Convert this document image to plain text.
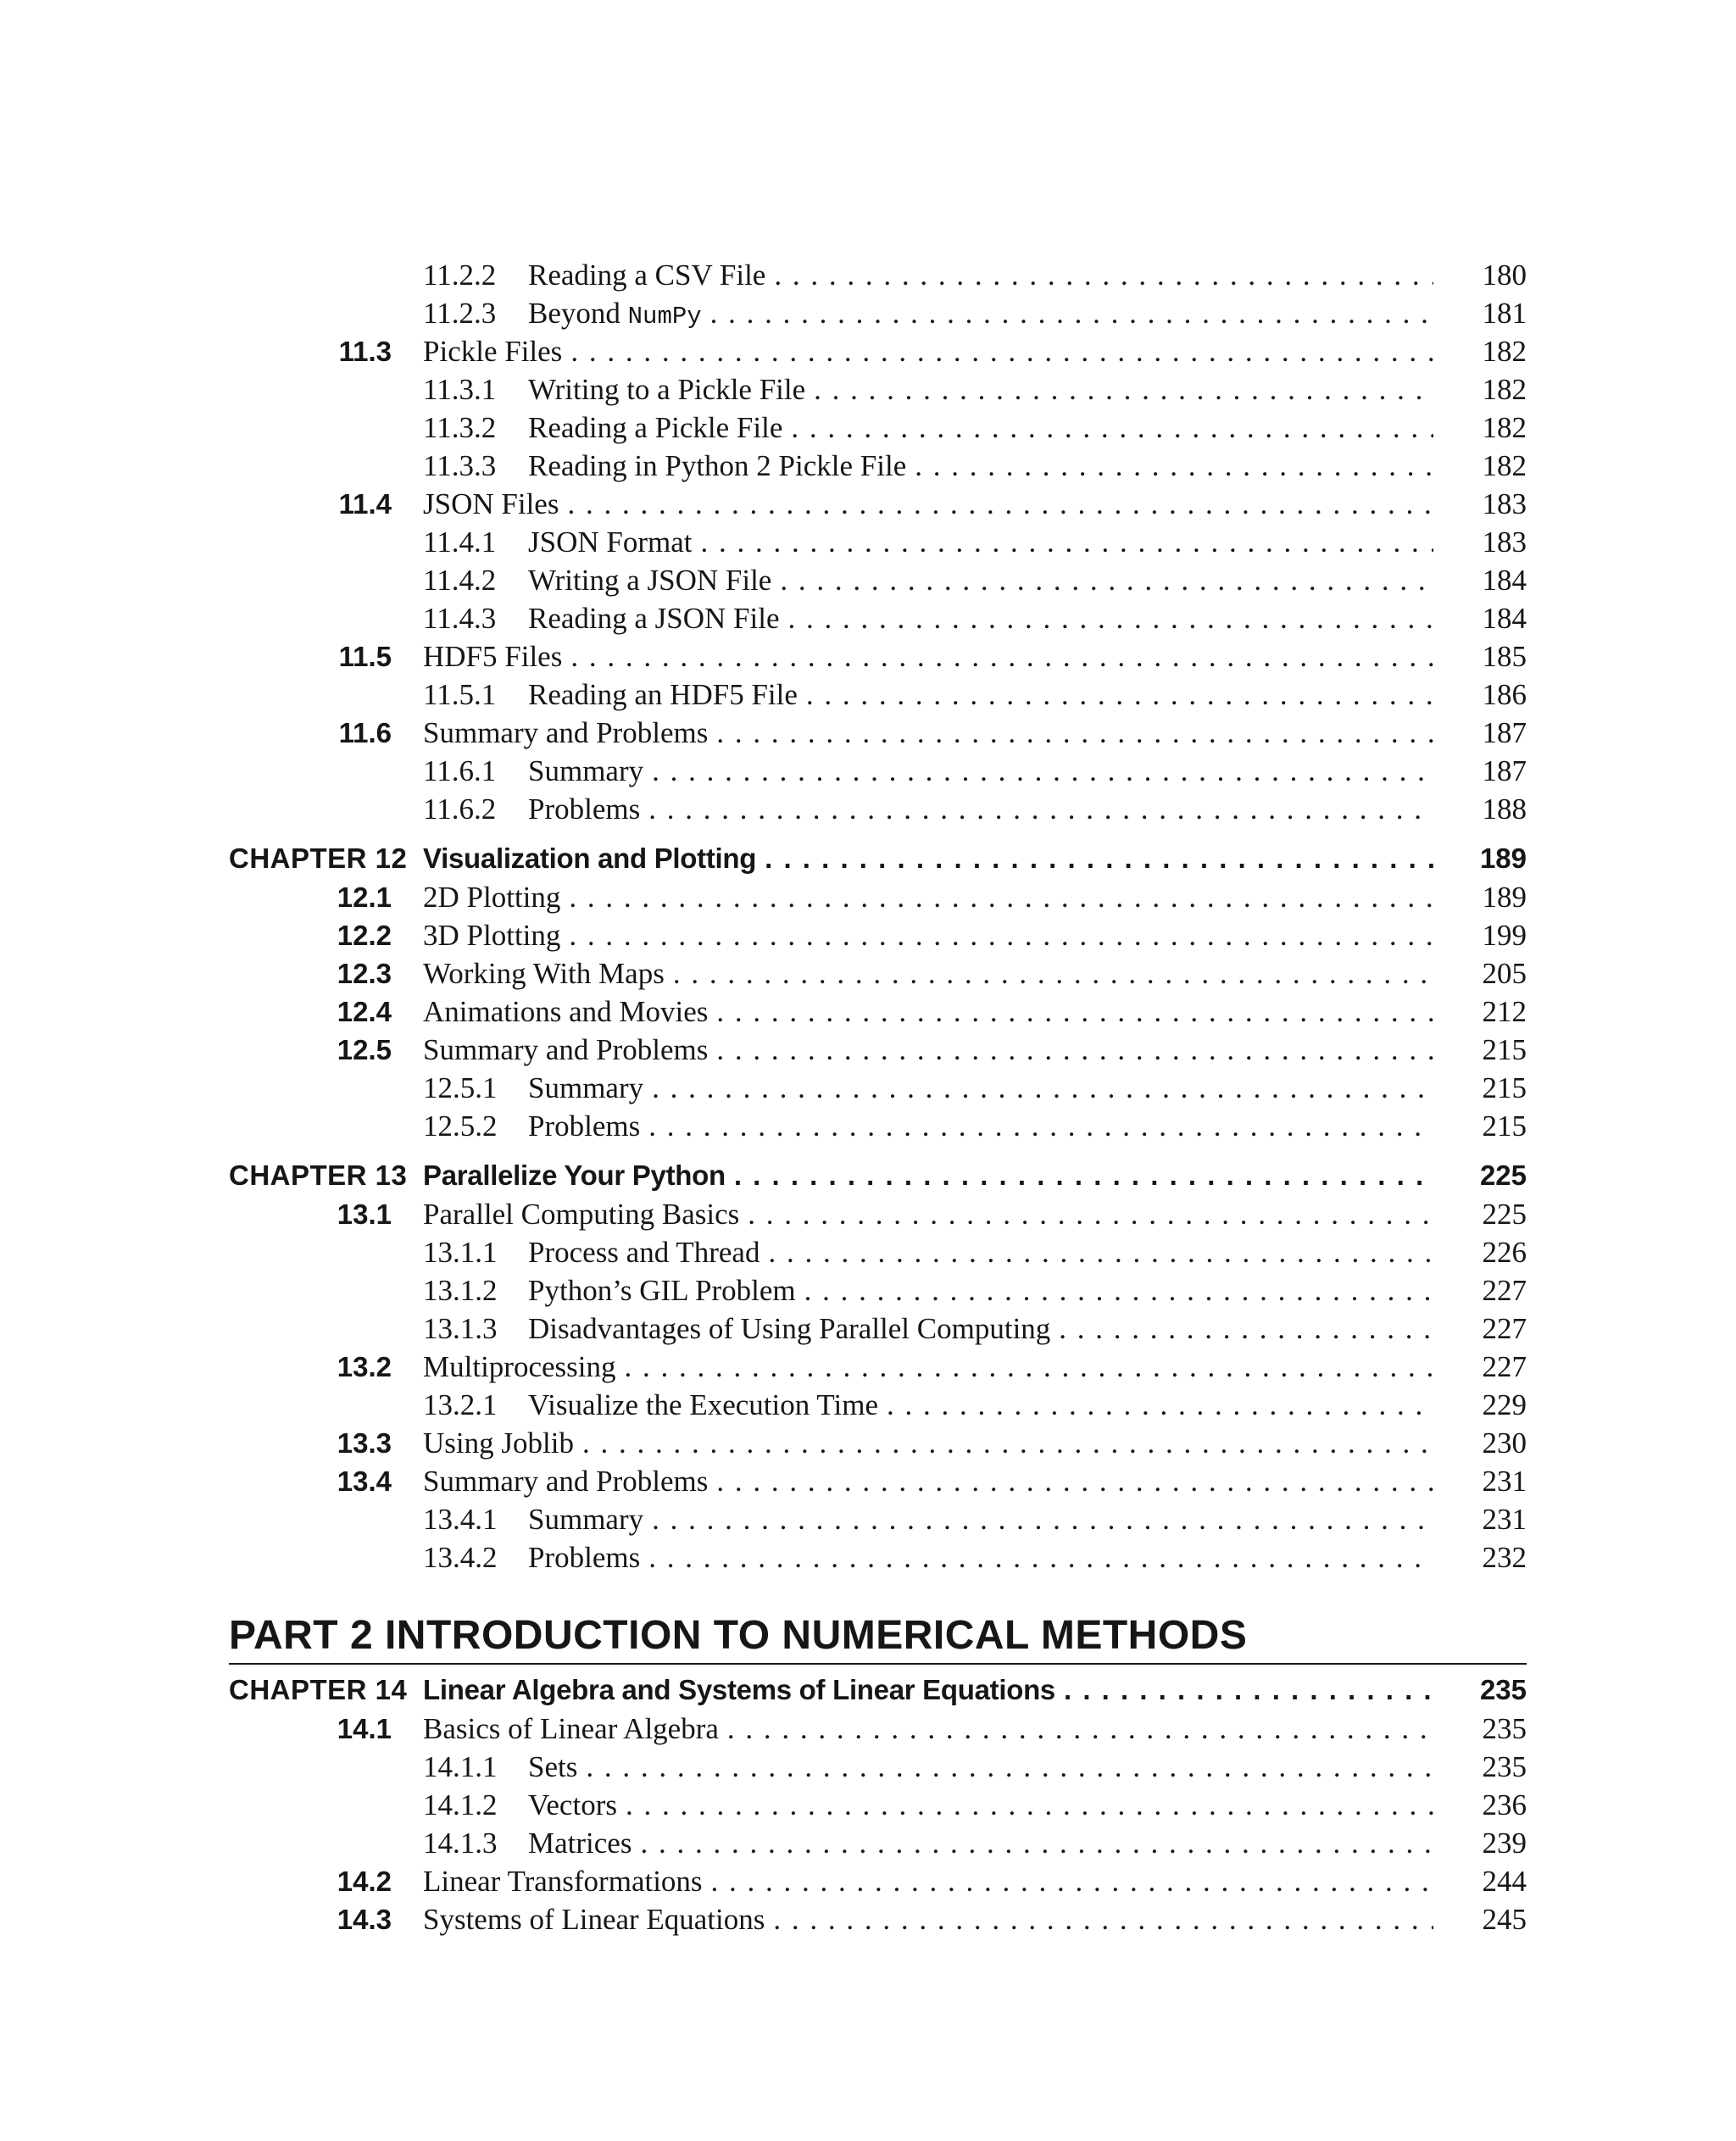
11.2.2	Reading a CSV File . . .	180
11.2.3	Beyond NumPy . . .	181
11.3	Pickle Files . . .	182
11.3.1	Writing to a Pickle File . . .	182
11.3.2	Reading a Pickle File . . .	182
11.3.3	Reading in Python 2 Pickle File . . .	182
11.4	JSON Files . . .	183
11.4.1	JSON Format . . .	183
11.4.2	Writing a JSON File . . .	184
11.4.3	Reading a JSON File . . .	184
11.5	HDF5 Files . . .	185
11.5.1	Reading an HDF5 File . . .	186
11.6	Summary and Problems . . .	187
11.6.1	Summary . . .	187
11.6.2	Problems . . .	188
CHAPTER 12 Visualization and Plotting . . .	189
12.1	2D Plotting . . .	189
12.2	3D Plotting . . .	199
12.3	Working With Maps . . .	205
12.4	Animations and Movies . . .	212
12.5	Summary and Problems . . .	215
12.5.1	Summary . . .	215
12.5.2	Problems . . .	215
CHAPTER 13 Parallelize Your Python . . .	225
13.1	Parallel Computing Basics . . .	225
13.1.1	Process and Thread . . .	226
13.1.2	Python’s GIL Problem . . .	227
13.1.3	Disadvantages of Using Parallel Computing . . .	227
13.2	Multiprocessing . . .	227
13.2.1	Visualize the Execution Time . . .	229
13.3	Using Joblib . . .	230
13.4	Summary and Problems . . .	231
13.4.1	Summary . . .	231
13.4.2	Problems . . .	232
PART 2 INTRODUCTION TO NUMERICAL METHODS
CHAPTER 14 Linear Algebra and Systems of Linear Equations . . .	235
14.1	Basics of Linear Algebra . . .	235
14.1.1	Sets . . .	235
14.1.2	Vectors . . .	236
14.1.3	Matrices . . .	239
14.2	Linear Transformations . . .	244
14.3	Systems of Linear Equations . . .	245
